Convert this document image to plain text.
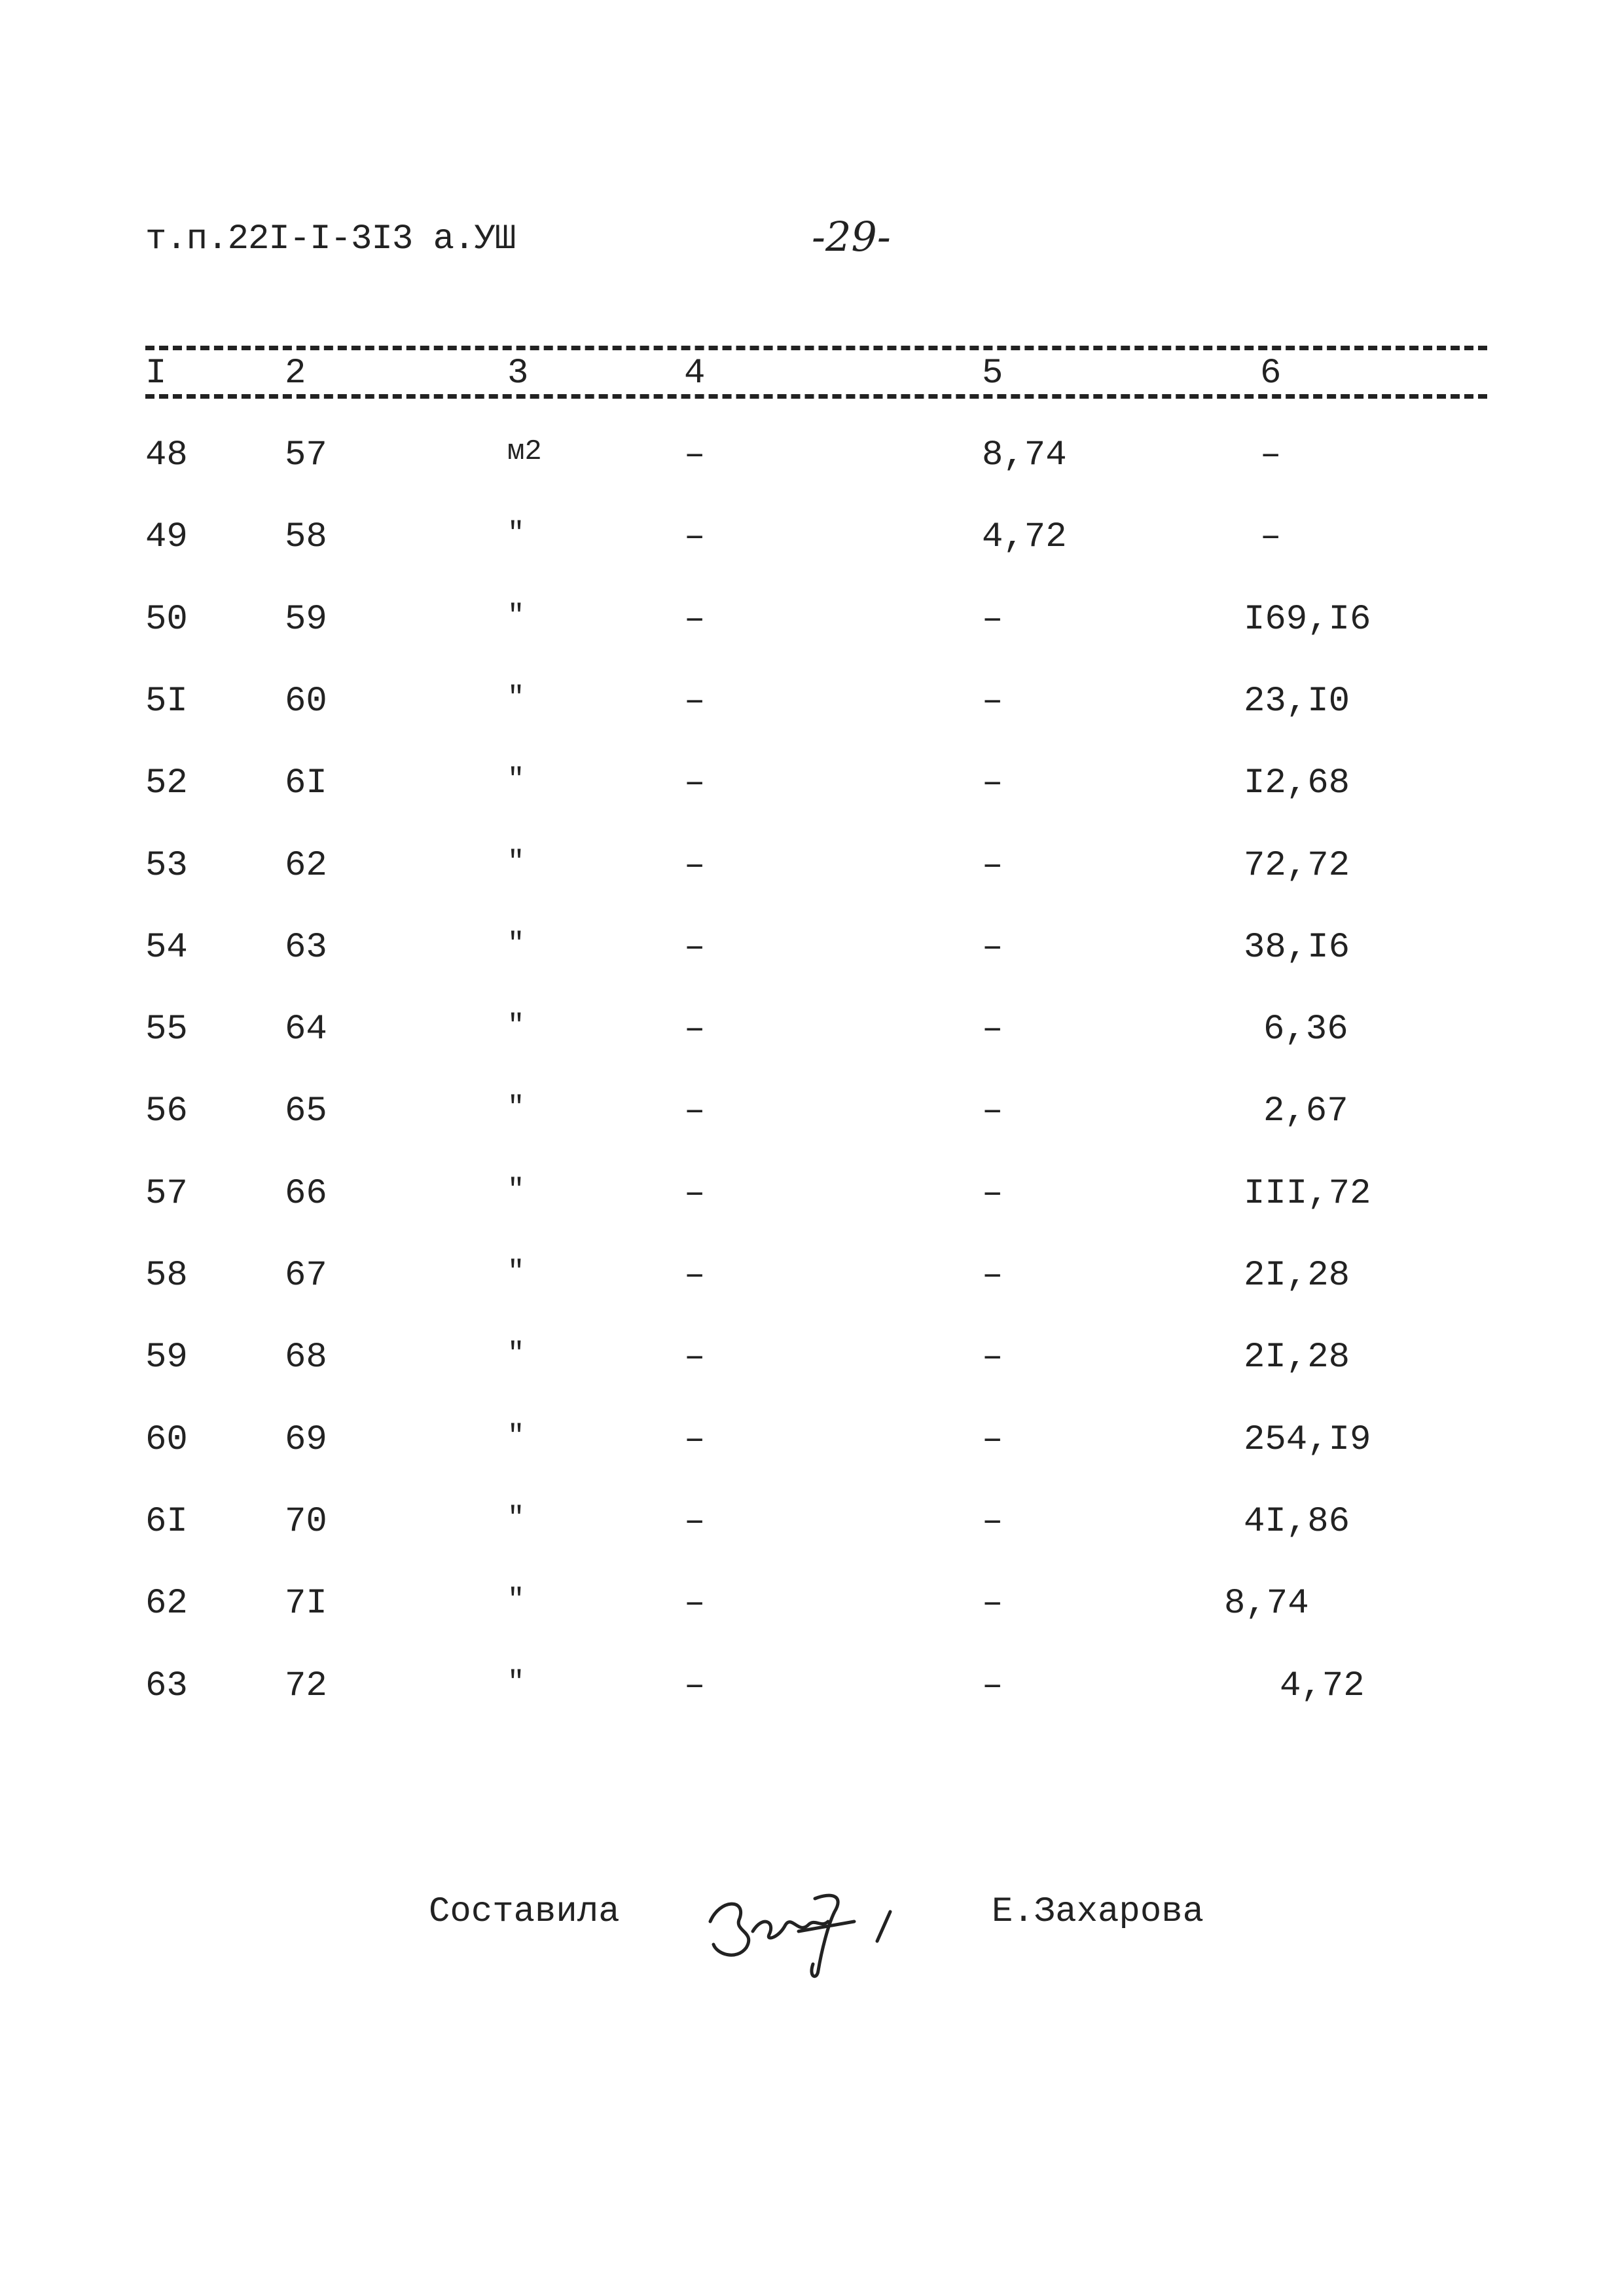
т.п.22I-I-3I3 а.УШ	-29-
I	2	3	4	5	6
48	57	м2	–	8,74	–
49	58	"	–	4,72	–
50	59	"	–	–	I69,I6
5I	60	"	–	–	23,I0
52	6I	"	–	–	I2,68
53	62	"	–	–	72,72
54	63	"	–	–	38,I6
55	64	"	–	–	6,36
56	65	"	–	–	2,67
57	66	"	–	–	III,72
58	67	"	–	–	2I,28
59	68	"	–	–	2I,28
60	69	"	–	–	254,I9
6I	70	"	–	–	4I,86
62	7I	"	–	–	8,74
63	72	"	–	–	4,72
Составила	Е.Захарова
